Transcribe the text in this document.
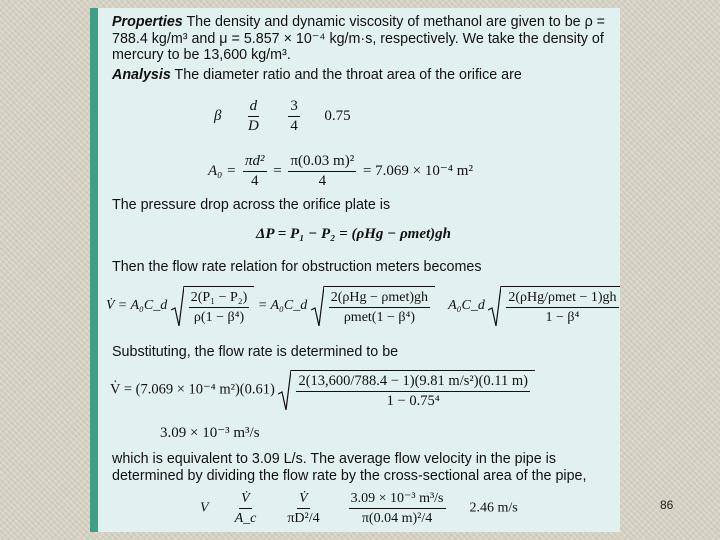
Properties The density and dynamic viscosity of methanol are given to be ρ = 788.4 kg/m³ and μ = 5.857 × 10⁻⁴ kg/m·s, respectively. We take the density of mercury to be 13,600 kg/m³.
Analysis The diameter ratio and the throat area of the orifice are
β $\frac{d}{D}$
$\frac{3}{4} 0.75$
$A_0 = \frac{\text{πd²}}{4} = \frac{\text{π(0.03 m)²}}{4} = 7.069 \times 10^{-4}$ m²
The pressure drop across the orifice plate is
ΔP = P₁ − P₂ = (ρHg − ρmet)gh
Then the flow rate relation for obstruction meters becomes
V̇ = A₀C_d $\frac{\text{2(P₁ − P₂)}}{\text{ρ(1 − β⁴)}}$ = A₀C_d $\frac{\text{2(ρHg − ρmet)gh}}{\text{ρmet(1 − β⁴)}}$ A₀C_d $\frac{\text{2(ρHg/ρmet − 1)gh}}{\text{1 − β⁴}}$
Substituting, the flow rate is determined to be
V̇ = (7.069 × 10⁻⁴ $m^2)(0.61) \frac{\text{2(13,600/788.4 − 1)(9.81 m/s²)(0.11 m)}}{\text{1 − 0.75⁴}}$
3.09 × 10⁻³ m³/s
which is equivalent to 3.09 L/s. The average flow velocity in the pipe is determined by dividing the flow rate by the cross-sectional area of the pipe,
V $\frac{V̇}{A\_c}$
$\frac{V̇}{\text{πD²/4}}$
$\frac{\text{3.09 × 10⁻³ m³/s}}{\text{π(0.04 m)²/4}} 2.46$ m/s	86
